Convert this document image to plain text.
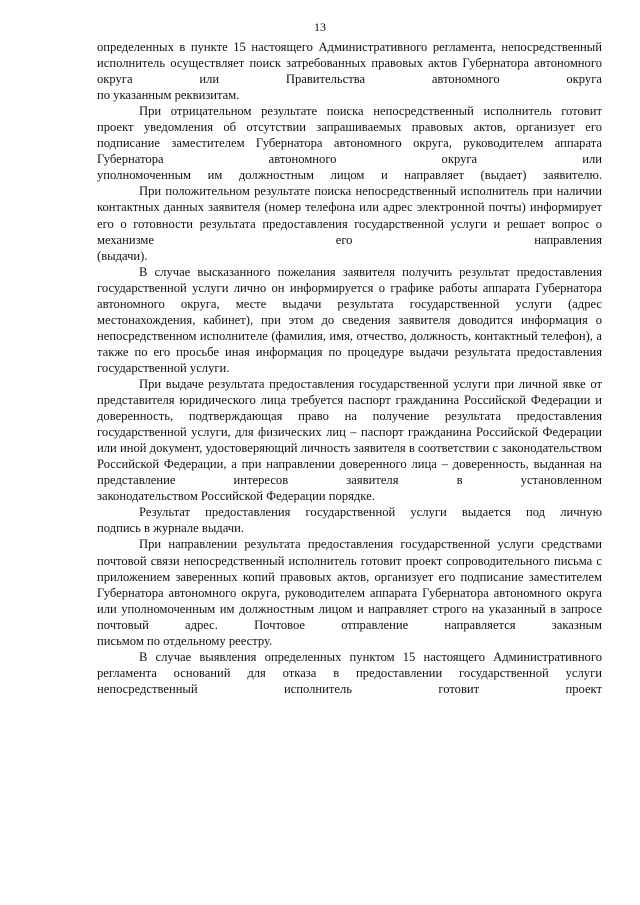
13

определенных в пункте 15 настоящего Административного регламента, непосредственный исполнитель осуществляет поиск затребованных правовых актов Губернатора автономного округа или Правительства автономного округа
по указанным реквизитам.

При отрицательном результате поиска непосредственный исполнитель готовит проект уведомления об отсутствии запрашиваемых правовых актов, организует его подписание заместителем Губернатора автономного округа, руководителем аппарата Губернатора автономного округа или
уполномоченным им должностным лицом и направляет (выдает) заявителю.

При положительном результате поиска непосредственный исполнитель при наличии контактных данных заявителя (номер телефона или адрес электронной почты) информирует его о готовности результата предоставления государственной услуги и решает вопрос о механизме его направления
(выдачи).

В случае высказанного пожелания заявителя получить результат предоставления государственной услуги лично он информируется о графике работы аппарата Губернатора автономного округа, месте выдачи результата государственной услуги (адрес местонахождения, кабинет), при этом до сведения заявителя доводится информация о непосредственном исполнителе (фамилия, имя, отчество, должность, контактный телефон), а также по его просьбе иная информация по процедуре выдачи результата предоставления
государственной услуги.

При выдаче результата предоставления государственной услуги при личной явке от представителя юридического лица требуется паспорт гражданина Российской Федерации и доверенность, подтверждающая право на получение результата предоставления государственной услуги, для физических лиц – паспорт гражданина Российской Федерации или иной документ, удостоверяющий личность заявителя в соответствии с законодательством Российской Федерации, а при направлении доверенного лица – доверенность, выданная на представление интересов заявителя в установленном
законодательством Российской Федерации порядке.

Результат предоставления государственной услуги выдается под личную
подпись в журнале выдачи.

При направлении результата предоставления государственной услуги средствами почтовой связи непосредственный исполнитель готовит проект сопроводительного письма с приложением заверенных копий правовых актов, организует его подписание заместителем Губернатора автономного округа, руководителем аппарата Губернатора автономного округа или уполномоченным им должностным лицом и направляет строго на указанный в запросе почтовый адрес. Почтовое отправление направляется заказным
письмом по отдельному реестру.

В случае выявления определенных пунктом 15 настоящего Административного регламента оснований для отказа в предоставлении государственной услуги непосредственный исполнитель готовит проект
